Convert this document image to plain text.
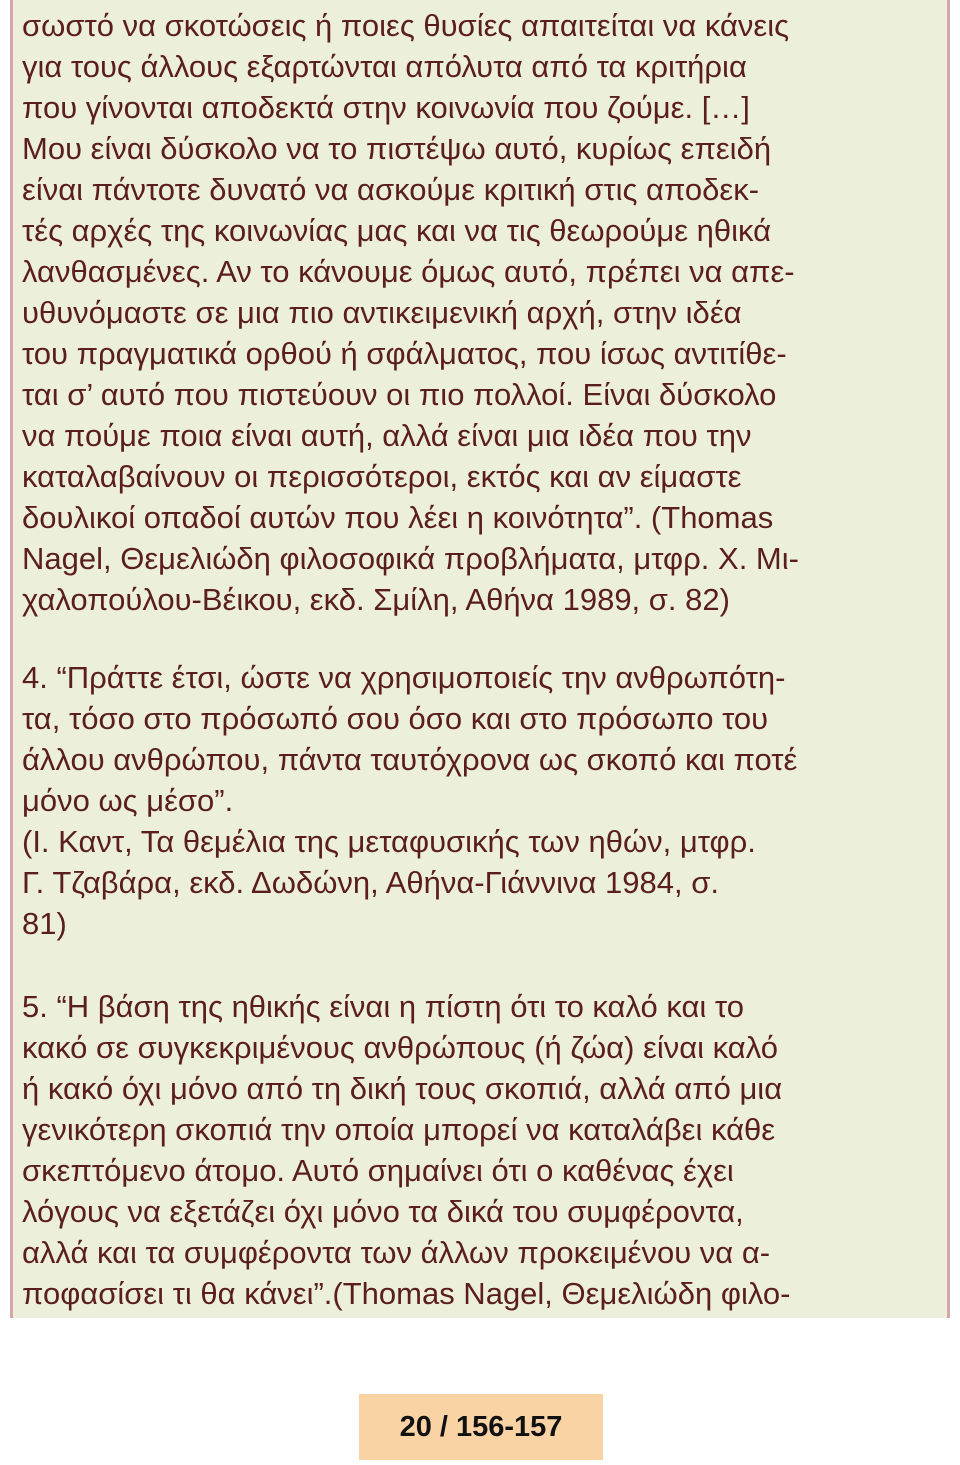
σωστό να σκοτώσεις ή ποιες θυσίες απαιτείται να κάνεις
για τους άλλους εξαρτώνται απόλυτα από τα κριτήρια
που γίνονται αποδεκτά στην κοινωνία που ζούμε. […]
Μου είναι δύσκολο να το πιστέψω αυτό, κυρίως επειδή
είναι πάντοτε δυνατό να ασκούμε κριτική στις αποδεκ-
τές αρχές της κοινωνίας μας και να τις θεωρούμε ηθικά
λανθασμένες. Αν το κάνουμε όμως αυτό, πρέπει να απε-
υθυνόμαστε σε μια πιο αντικειμενική αρχή, στην ιδέα
του πραγματικά ορθού ή σφάλματος, που ίσως αντιτίθε-
ται σ’ αυτό που πιστεύουν οι πιο πολλοί. Είναι δύσκολο
να πούμε ποια είναι αυτή, αλλά είναι μια ιδέα που την
καταλαβαίνουν οι περισσότεροι, εκτός και αν είμαστε
δουλικοί οπαδοί αυτών που λέει η κοινότητα”. (Thomas
Nagel, Θεμελιώδη φιλοσοφικά προβλήματα, μτφρ. Χ. Μι-
χαλοπούλου-Βέικου, εκδ. Σμίλη, Αθήνα 1989, σ. 82)
4. “Πράττε έτσι, ώστε να χρησιμοποιείς την ανθρωπότη-
τα, τόσο στο πρόσωπό σου όσο και στο πρόσωπο του
άλλου ανθρώπου, πάντα ταυτόχρονα ως σκοπό και ποτέ
μόνο ως μέσο”.
(Ι. Καντ, Τα θεμέλια της μεταφυσικής των ηθών, μτφρ.
Γ. Τζαβάρα, εκδ. Δωδώνη, Αθήνα-Γιάννινα 1984, σ.
81)
5. “Η βάση της ηθικής είναι η πίστη ότι το καλό και το
κακό σε συγκεκριμένους ανθρώπους (ή ζώα) είναι καλό
ή κακό όχι μόνο από τη δική τους σκοπιά, αλλά από μια
γενικότερη σκοπιά την οποία μπορεί να καταλάβει κάθε
σκεπτόμενο άτομο. Αυτό σημαίνει ότι ο καθένας έχει
λόγους να εξετάζει όχι μόνο τα δικά του συμφέροντα,
αλλά και τα συμφέροντα των άλλων προκειμένου να α-
ποφασίσει τι θα κάνει”.(Thomas Nagel, Θεμελιώδη φιλο-
20 / 156-157
